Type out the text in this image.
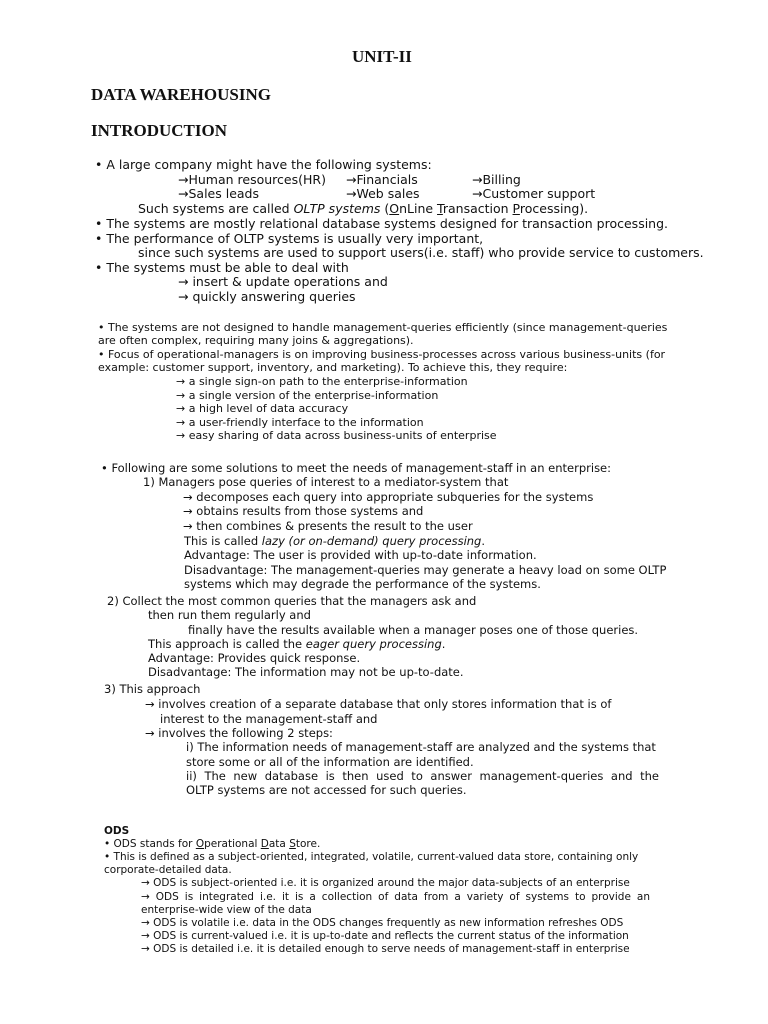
UNIT-II
DATA WAREHOUSING
INTRODUCTION
• A large company might have the following systems:
→Human resources(HR) →Financials	→Billing
→Sales leads	→Web sales	→Customer support
Such systems are called OLTP systems (OnLine Transaction Processing).
• The systems are mostly relational database systems designed for transaction processing.
• The performance of OLTP systems is usually very important,
since such systems are used to support users(i.e. staff) who provide service to customers.
• The systems must be able to deal with
→ insert & update operations and
→ quickly answering queries
• The systems are not designed to handle management-queries efficiently (since management-queries
are often complex, requiring many joins & aggregations).
• Focus of operational-managers is on improving business-processes across various business-units (for
example: customer support, inventory, and marketing). To achieve this, they require:
→ a single sign-on path to the enterprise-information
→ a single version of the enterprise-information
→ a high level of data accuracy
→ a user-friendly interface to the information
→ easy sharing of data across business-units of enterprise
• Following are some solutions to meet the needs of management-staff in an enterprise:
1) Managers pose queries of interest to a mediator-system that
→ decomposes each query into appropriate subqueries for the systems
→ obtains results from those systems and
→ then combines & presents the result to the user
This is called lazy (or on-demand) query processing.
Advantage: The user is provided with up-to-date information.
Disadvantage: The management-queries may generate a heavy load on some OLTP
systems which may degrade the performance of the systems.
2) Collect the most common queries that the managers ask and
then run them regularly and
finally have the results available when a manager poses one of those queries.
This approach is called the eager query processing.
Advantage: Provides quick response.
Disadvantage: The information may not be up-to-date.
3) This approach
→ involves creation of a separate database that only stores information that is of
interest to the management-staff and
→ involves the following 2 steps:
i) The information needs of management-staff are analyzed and the systems that
store some or all of the information are identified.
ii) The new database is then used to answer management-queries and the
OLTP systems are not accessed for such queries.
ODS
• ODS stands for Operational Data Store.
• This is defined as a subject-oriented, integrated, volatile, current-valued data store, containing only
corporate-detailed data.
→ ODS is subject-oriented i.e. it is organized around the major data-subjects of an enterprise
→ ODS is integrated i.e. it is a collection of data from a variety of systems to provide an
enterprise-wide view of the data
→ ODS is volatile i.e. data in the ODS changes frequently as new information refreshes ODS
→ ODS is current-valued i.e. it is up-to-date and reflects the current status of the information
→ ODS is detailed i.e. it is detailed enough to serve needs of management-staff in enterprise
